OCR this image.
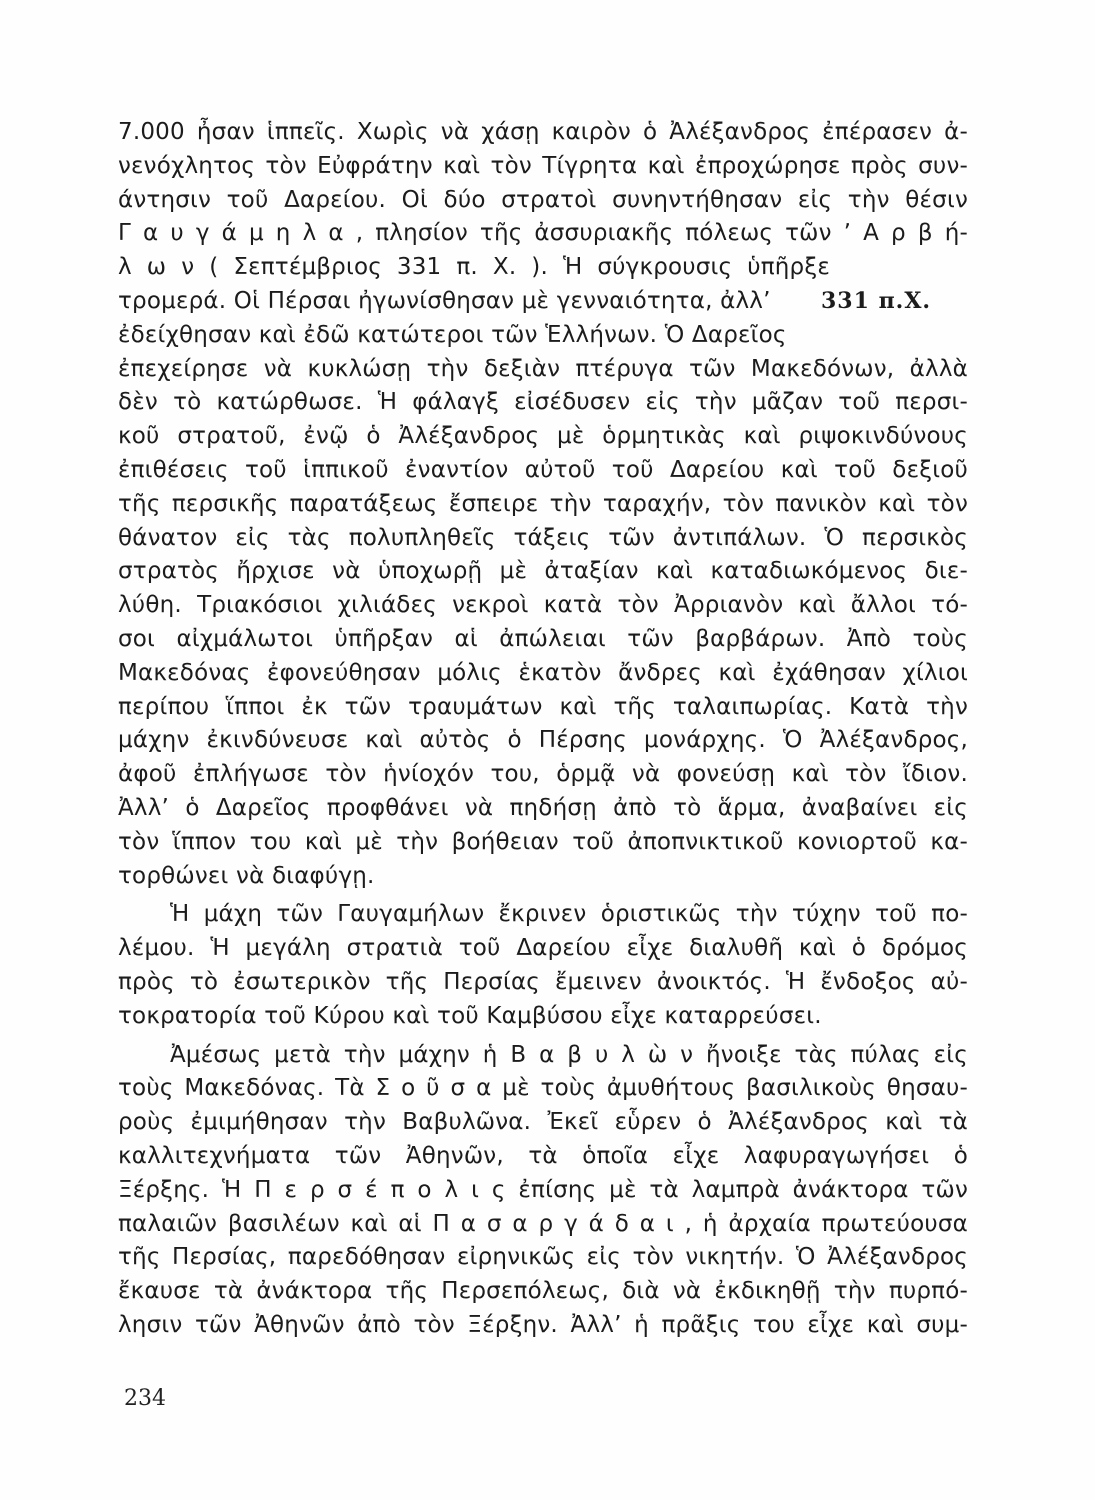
7.000 ἦσαν ἱππεῖς. Χωρὶς νὰ χάσῃ καιρὸν ὁ Ἀλέξανδρος ἐπέρασεν ἀ-
νενόχλητος τὸν Εὐφράτην καὶ τὸν Τίγρητα καὶ ἐπροχώρησε πρὸς συν-
άντησιν τοῦ Δαρείου. Οἱ δύο στρατοὶ συνηντήθησαν εἰς τὴν θέσιν
Γ α υ γ ά μ η λ α , πλησίον τῆς ἀσσυριακῆς πόλεως τῶν ʼ Α ρ β ή-
λ ω ν ( Σεπτέμβριος 331 π. Χ. ). Ἡ σύγκρουσις ὑπῆρξε
τρομερά. Οἱ Πέρσαι ἠγωνίσθησαν μὲ γενναιότητα, ἀλλ’ 331 π.Χ.
ἐδείχθησαν καὶ ἐδῶ κατώτεροι τῶν Ἑλλήνων. Ὁ Δαρεῖος
ἐπεχείρησε νὰ κυκλώσῃ τὴν δεξιὰν πτέρυγα τῶν Μακεδόνων, ἀλλὰ
δὲν τὸ κατώρθωσε. Ἡ φάλαγξ εἰσέδυσεν εἰς τὴν μᾶζαν τοῦ περσι-
κοῦ στρατοῦ, ἐνῷ ὁ Ἀλέξανδρος μὲ ὁρμητικὰς καὶ ριψοκινδύνους
ἐπιθέσεις τοῦ ἱππικοῦ ἐναντίον αὐτοῦ τοῦ Δαρείου καὶ τοῦ δεξιοῦ
τῆς περσικῆς παρατάξεως ἔσπειρε τὴν ταραχήν, τὸν πανικὸν καὶ τὸν
θάνατον εἰς τὰς πολυπληθεῖς τάξεις τῶν ἀντιπάλων. Ὁ περσικὸς
στρατὸς ἤρχισε νὰ ὑποχωρῇ μὲ ἀταξίαν καὶ καταδιωκόμενος διε-
λύθη. Τριακόσιοι χιλιάδες νεκροὶ κατὰ τὸν Ἀρριανὸν καὶ ἄλλοι τό-
σοι αἰχμάλωτοι ὑπῆρξαν αἱ ἀπώλειαι τῶν βαρβάρων. Ἀπὸ τοὺς
Μακεδόνας ἐφονεύθησαν μόλις ἑκατὸν ἄνδρες καὶ ἐχάθησαν χίλιοι
περίπου ἵπποι ἐκ τῶν τραυμάτων καὶ τῆς ταλαιπωρίας. Κατὰ τὴν
μάχην ἐκινδύνευσε καὶ αὐτὸς ὁ Πέρσης μονάρχης. Ὁ Ἀλέξανδρος,
ἀφοῦ ἐπλήγωσε τὸν ἡνίοχόν του, ὁρμᾷ νὰ φονεύσῃ καὶ τὸν ἴδιον.
Ἀλλ’ ὁ Δαρεῖος προφθάνει νὰ πηδήσῃ ἀπὸ τὸ ἅρμα, ἀναβαίνει εἰς
τὸν ἵππον του καὶ μὲ τὴν βοήθειαν τοῦ ἀποπνικτικοῦ κονιορτοῦ κα-
τορθώνει νὰ διαφύγῃ.
Ἡ μάχη τῶν Γαυγαμήλων ἔκρινεν ὁριστικῶς τὴν τύχην τοῦ πο-
λέμου. Ἡ μεγάλη στρατιὰ τοῦ Δαρείου εἶχε διαλυθῆ καὶ ὁ δρόμος
πρὸς τὸ ἐσωτερικὸν τῆς Περσίας ἔμεινεν ἀνοικτός. Ἡ ἔνδοξος αὐ-
τοκρατορία τοῦ Κύρου καὶ τοῦ Καμβύσου εἶχε καταρρεύσει.
Ἀμέσως μετὰ τὴν μάχην ἡ Β α β υ λ ὼ ν ἤνοιξε τὰς πύλας εἰς
τοὺς Μακεδόνας. Τὰ Σ ο ῦ σ α μὲ τοὺς ἀμυθήτους βασιλικοὺς θησαυ-
ροὺς ἐμιμήθησαν τὴν Βαβυλῶνα. Ἐκεῖ εὗρεν ὁ Ἀλέξανδρος καὶ τὰ
καλλιτεχνήματα τῶν Ἀθηνῶν, τὰ ὁποῖα εἶχε λαφυραγωγήσει ὁ
Ξέρξης. Ἡ Π ε ρ σ έ π ο λ ι ς ἐπίσης μὲ τὰ λαμπρὰ ἀνάκτορα τῶν
παλαιῶν βασιλέων καὶ αἱ Π α σ α ρ γ ά δ α ι , ἡ ἀρχαία πρωτεύουσα
τῆς Περσίας, παρεδόθησαν εἰρηνικῶς εἰς τὸν νικητήν. Ὁ Ἀλέξανδρος
ἔκαυσε τὰ ἀνάκτορα τῆς Περσεπόλεως, διὰ νὰ ἐκδικηθῇ τὴν πυρπό-
λησιν τῶν Ἀθηνῶν ἀπὸ τὸν Ξέρξην. Ἀλλ’ ἡ πρᾶξις του εἶχε καὶ συμ-
234
